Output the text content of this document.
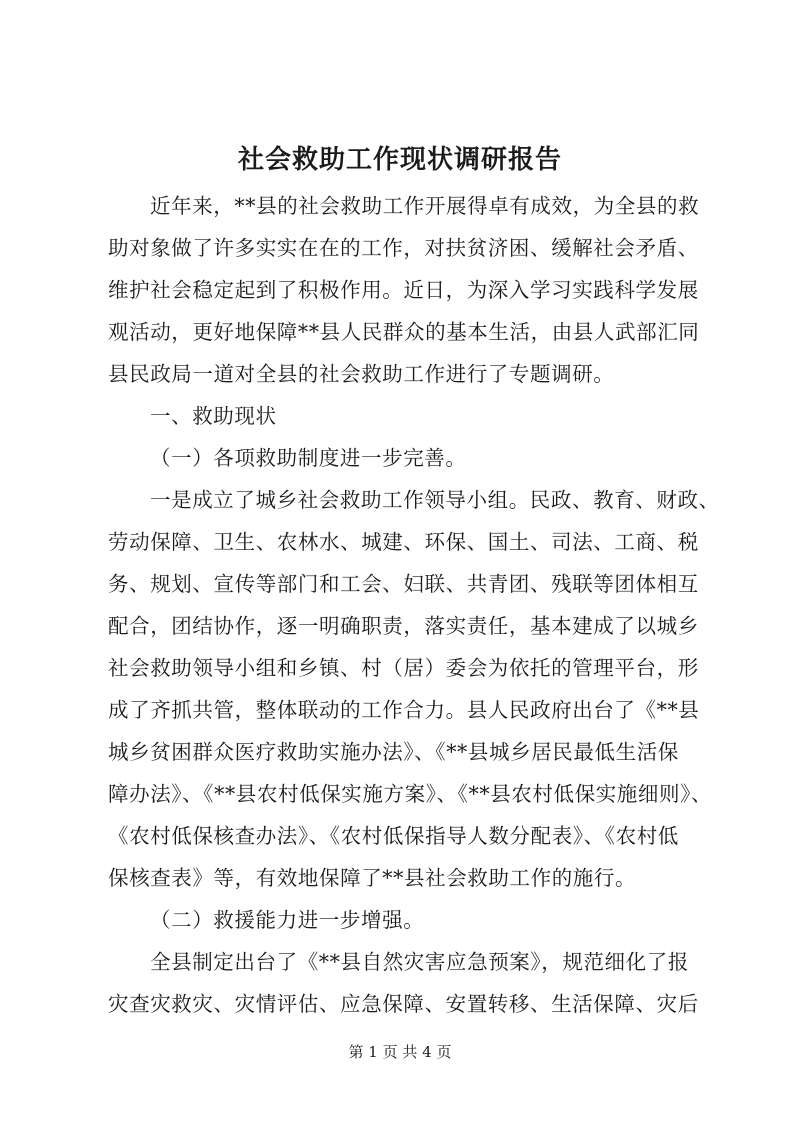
社会救助工作现状调研报告
近年来，**县的社会救助工作开展得卓有成效，为全县的救
助对象做了许多实实在在的工作，对扶贫济困、缓解社会矛盾、
维护社会稳定起到了积极作用。近日，为深入学习实践科学发展
观活动，更好地保障**县人民群众的基本生活，由县人武部汇同
县民政局一道对全县的社会救助工作进行了专题调研。
一、救助现状
（一）各项救助制度进一步完善。
一是成立了城乡社会救助工作领导小组。民政、教育、财政、
劳动保障、卫生、农林水、城建、环保、国土、司法、工商、税
务、规划、宣传等部门和工会、妇联、共青团、残联等团体相互
配合，团结协作，逐一明确职责，落实责任，基本建成了以城乡
社会救助领导小组和乡镇、村（居）委会为依托的管理平台，形
成了齐抓共管，整体联动的工作合力。县人民政府出台了《**县
城乡贫困群众医疗救助实施办法》、《**县城乡居民最低生活保
障办法》、《**县农村低保实施方案》、《**县农村低保实施细则》、
《农村低保核查办法》、《农村低保指导人数分配表》、《农村低
保核查表》等，有效地保障了**县社会救助工作的施行。
（二）救援能力进一步增强。
全县制定出台了《**县自然灾害应急预案》，规范细化了报
灾查灾救灾、灾情评估、应急保障、安置转移、生活保障、灾后
第 1 页 共 4 页
